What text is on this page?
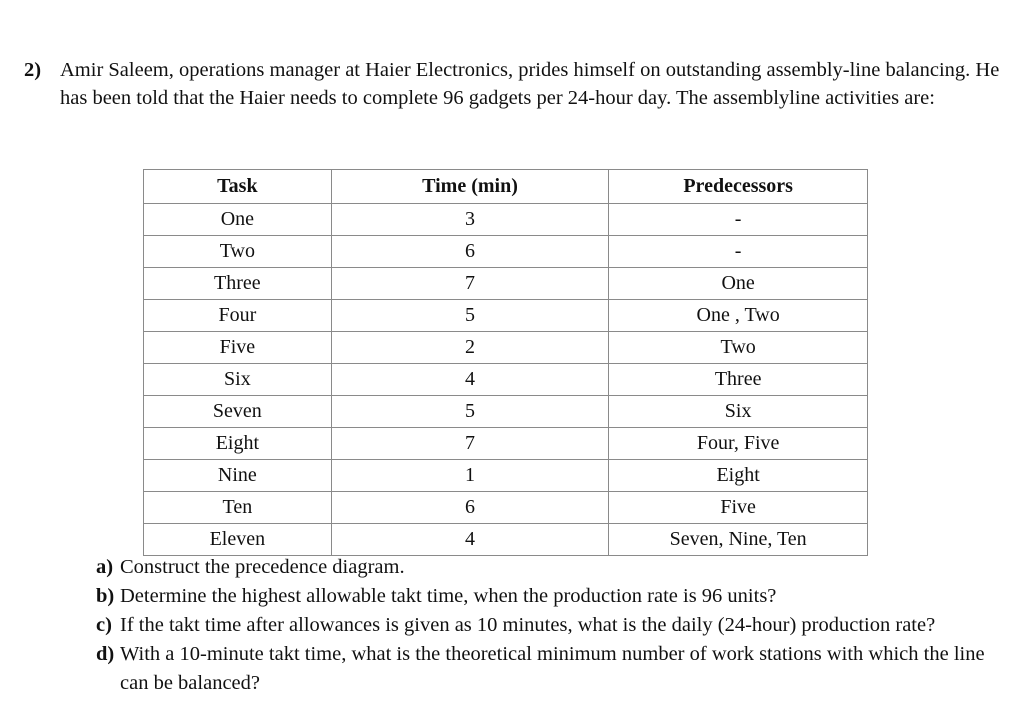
2) Amir Saleem, operations manager at Haier Electronics, prides himself on outstanding assembly-line balancing. He has been told that the Haier needs to complete 96 gadgets per 24-hour day. The assemblyline activities are:
Task	Time (min)	Predecessors
One	3	-
Two	6	-
Three	7	One
Four	5	One , Two
Five	2	Two
Six	4	Three
Seven	5	Six
Eight	7	Four, Five
Nine	1	Eight
Ten	6	Five
Eleven	4	Seven, Nine, Ten
a) Construct the precedence diagram.
b) Determine the highest allowable takt time, when the production rate is 96 units?
c) If the takt time after allowances is given as 10 minutes, what is the daily (24-hour) production rate?
d) With a 10-minute takt time, what is the theoretical minimum number of work stations with which the line can be balanced?
